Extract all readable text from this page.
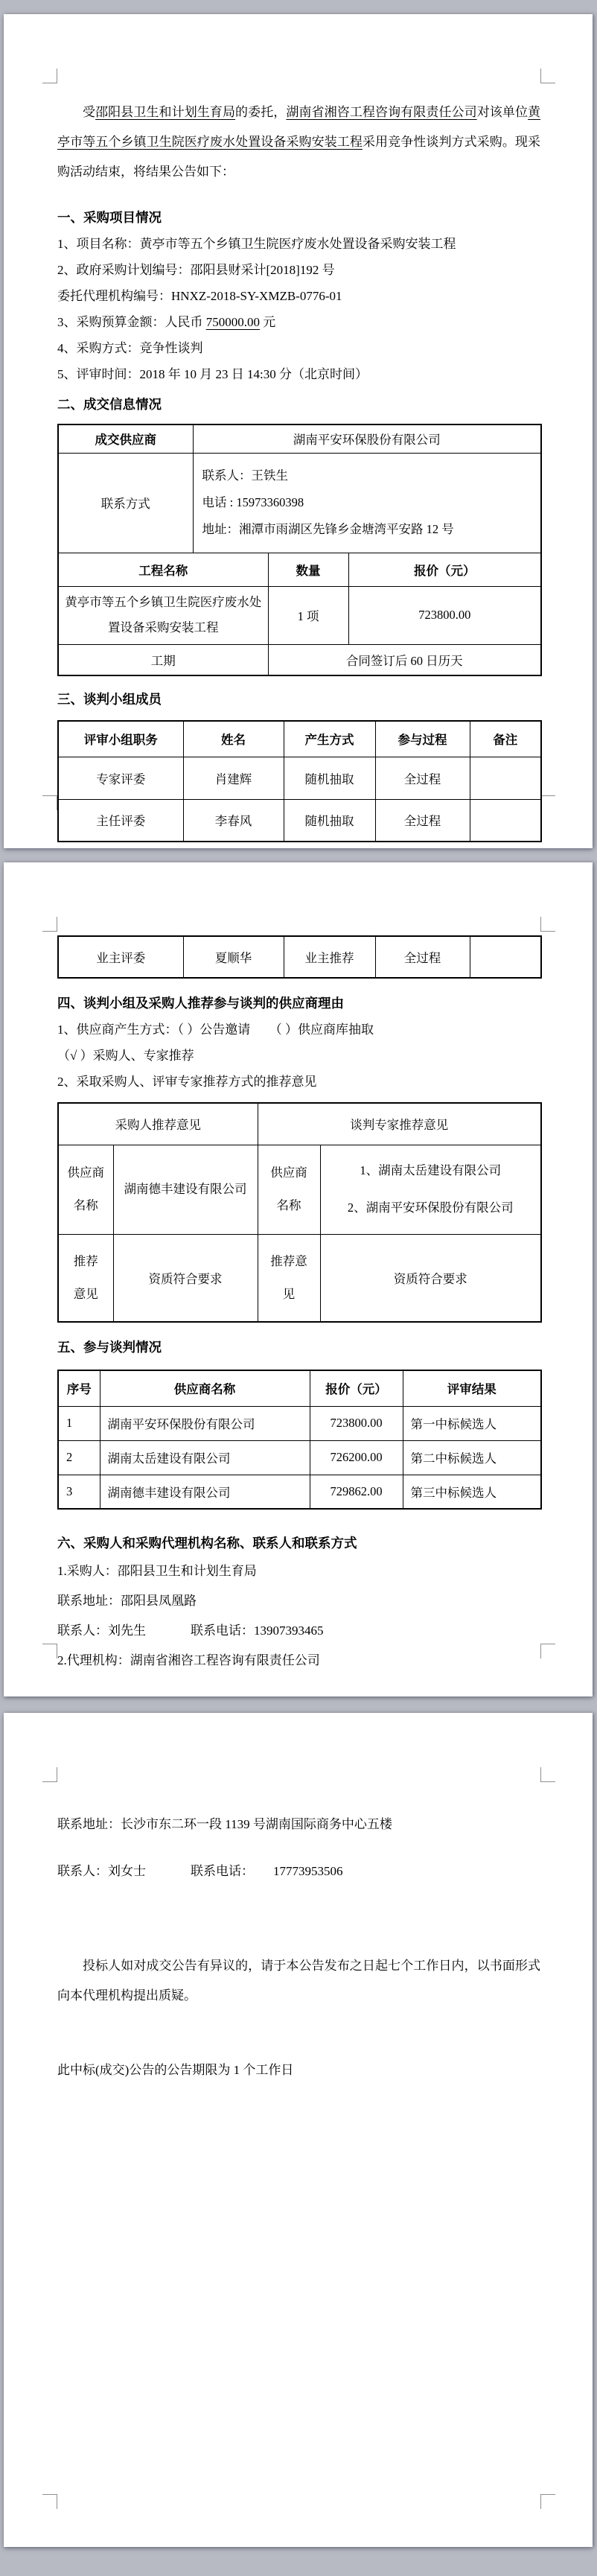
受邵阳县卫生和计划生育局的委托，湖南省湘咨工程咨询有限责任公司对该单位黄亭市等五个乡镇卫生院医疗废水处置设备采购安装工程采用竞争性谈判方式采购。现采购活动结束，将结果公告如下：

一、采购项目情况
1、项目名称：黄亭市等五个乡镇卫生院医疗废水处置设备采购安装工程
2、政府采购计划编号：邵阳县财采计[2018]192 号
委托代理机构编号：HNXZ-2018-SY-XMZB-0776-01
3、采购预算金额：人民币 750000.00 元
4、采购方式：竞争性谈判
5、评审时间：2018 年 10 月 23 日 14:30 分（北京时间）
二、成交信息情况
成交供应商	湖南平安环保股份有限公司		
联系方式	联系人：王铁生
电话 : 15973360398
地址：湘潭市雨湖区先锋乡金塘湾平安路 12 号		

工程名称		数量	报价（元）
黄亭市等五个乡镇卫生院医疗废水处置设备采购安装工程		1 项	723800.00
工期		合同签订后 60 日历天	
三、谈判小组成员
评审小组职务	姓名	产生方式	参与过程	备注
专家评委	肖建辉	随机抽取	全过程	
主任评委	李春风	随机抽取	全过程	
业主评委	夏顺华	业主推荐	全过程	
四、谈判小组及采购人推荐参与谈判的供应商理由
1、供应商产生方式：（ ）公告邀请　　（ ）供应商库抽取
（√ ）采购人、专家推荐
2、采取采购人、评审专家推荐方式的推荐意见
采购人推荐意见		谈判专家推荐意见	
供应商名称	湖南德丰建设有限公司	供应商名称	1、湖南太岳建设有限公司
2、湖南平安环保股份有限公司

推荐意见	资质符合要求	推荐意见	资质符合要求
五、参与谈判情况
序号	供应商名称	报价（元）	评审结果
1	湖南平安环保股份有限公司	723800.00	第一中标候选人
2	湖南太岳建设有限公司	726200.00	第二中标候选人
3	湖南德丰建设有限公司	729862.00	第三中标候选人
六、采购人和采购代理机构名称、联系人和联系方式
1.采购人：邵阳县卫生和计划生育局
联系地址：邵阳县凤凰路
联系人：刘先生	联系电话：13907393465
2.代理机构：湖南省湘咨工程咨询有限责任公司
联系地址：长沙市东二环一段 1139 号湖南国际商务中心五楼
联系人：刘女士	联系电话： 17773953506

投标人如对成交公告有异议的，请于本公告发布之日起七个工作日内，以书面形式向本代理机构提出质疑。

此中标(成交)公告的公告期限为 1 个工作日
